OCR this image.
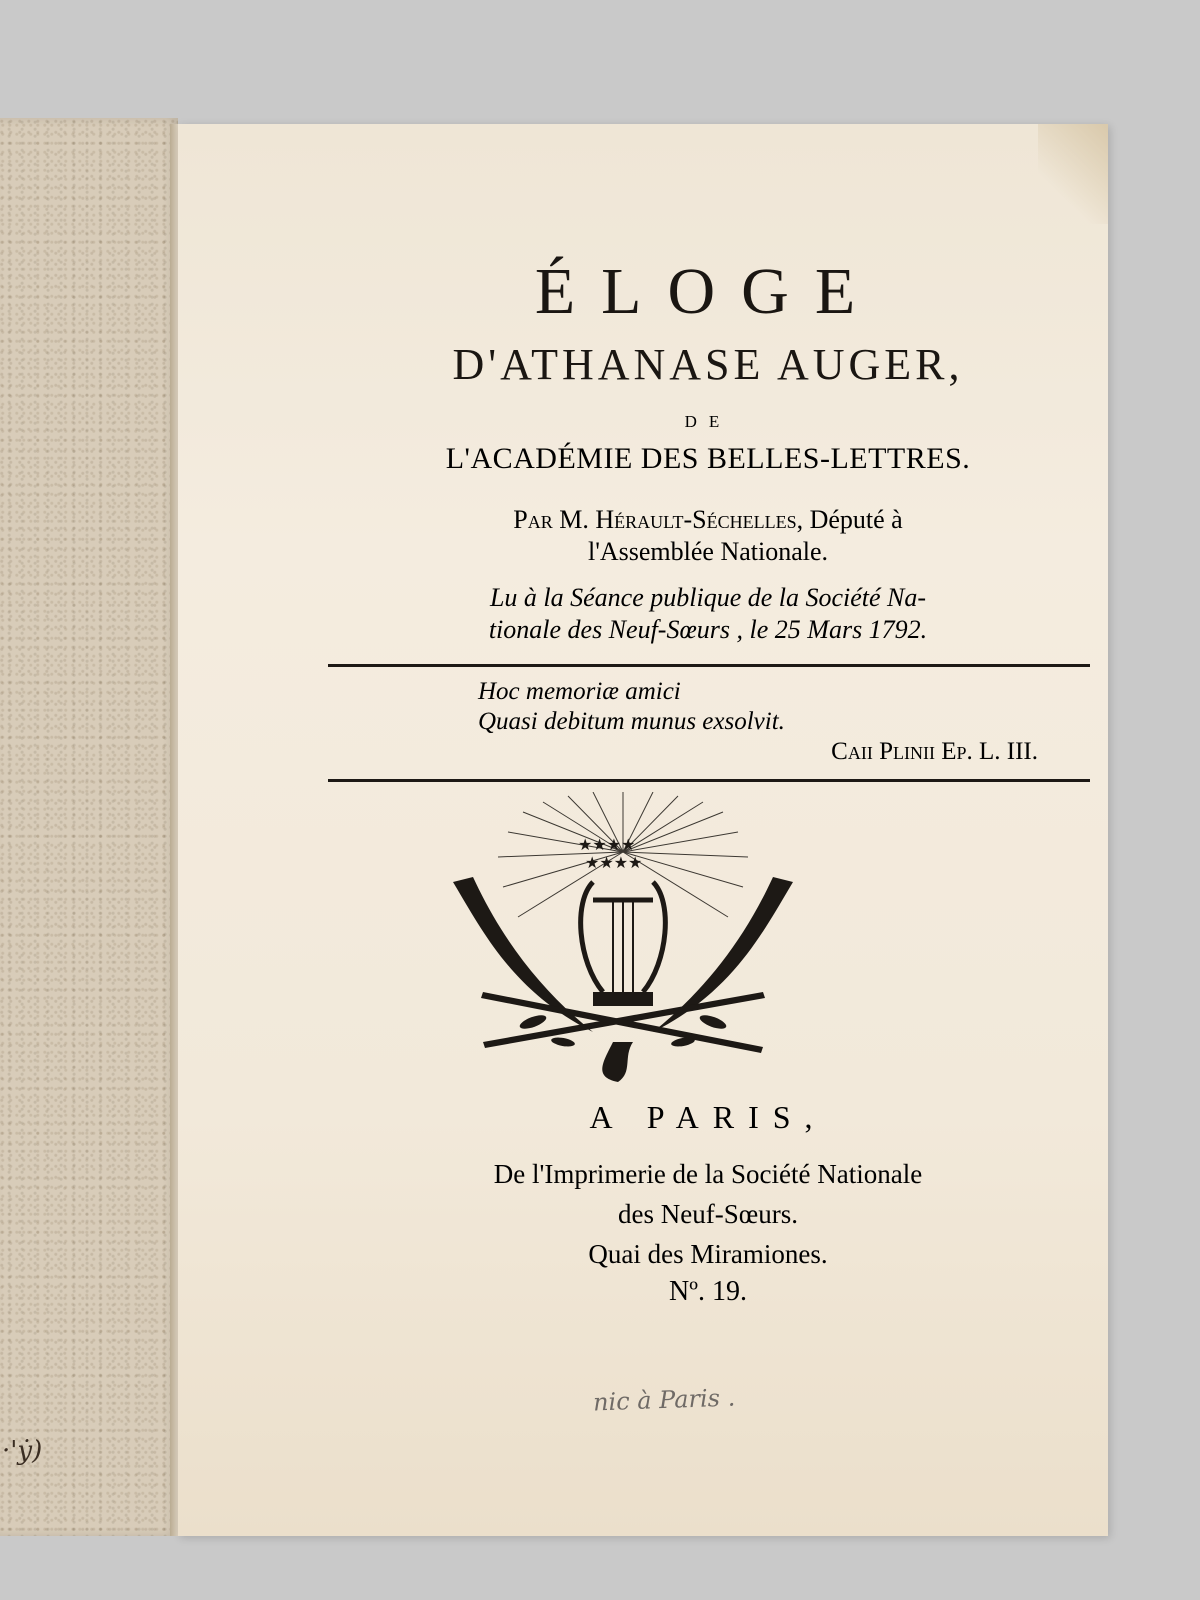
·'ẏ)
ÉLOGE
D'ATHANASE AUGER,
DE
L'ACADÉMIE DES BELLES-LETTRES.
Par M. Hérault-Séchelles, Député à
l'Assemblée Nationale.
Lu à la Séance publique de la Société Na-
tionale des Neuf-Sœurs , le 25 Mars 1792.
Hoc memoriæ amici
Quasi debitum munus exsolvit.
Caii Plinii Ep. L. III.
★★★★
★★★★
A PARIS,
De l'Imprimerie de la Société Nationale
des Neuf-Sœurs.
Quai des Miramiones.
Nº. 19.
nic à Paris .
